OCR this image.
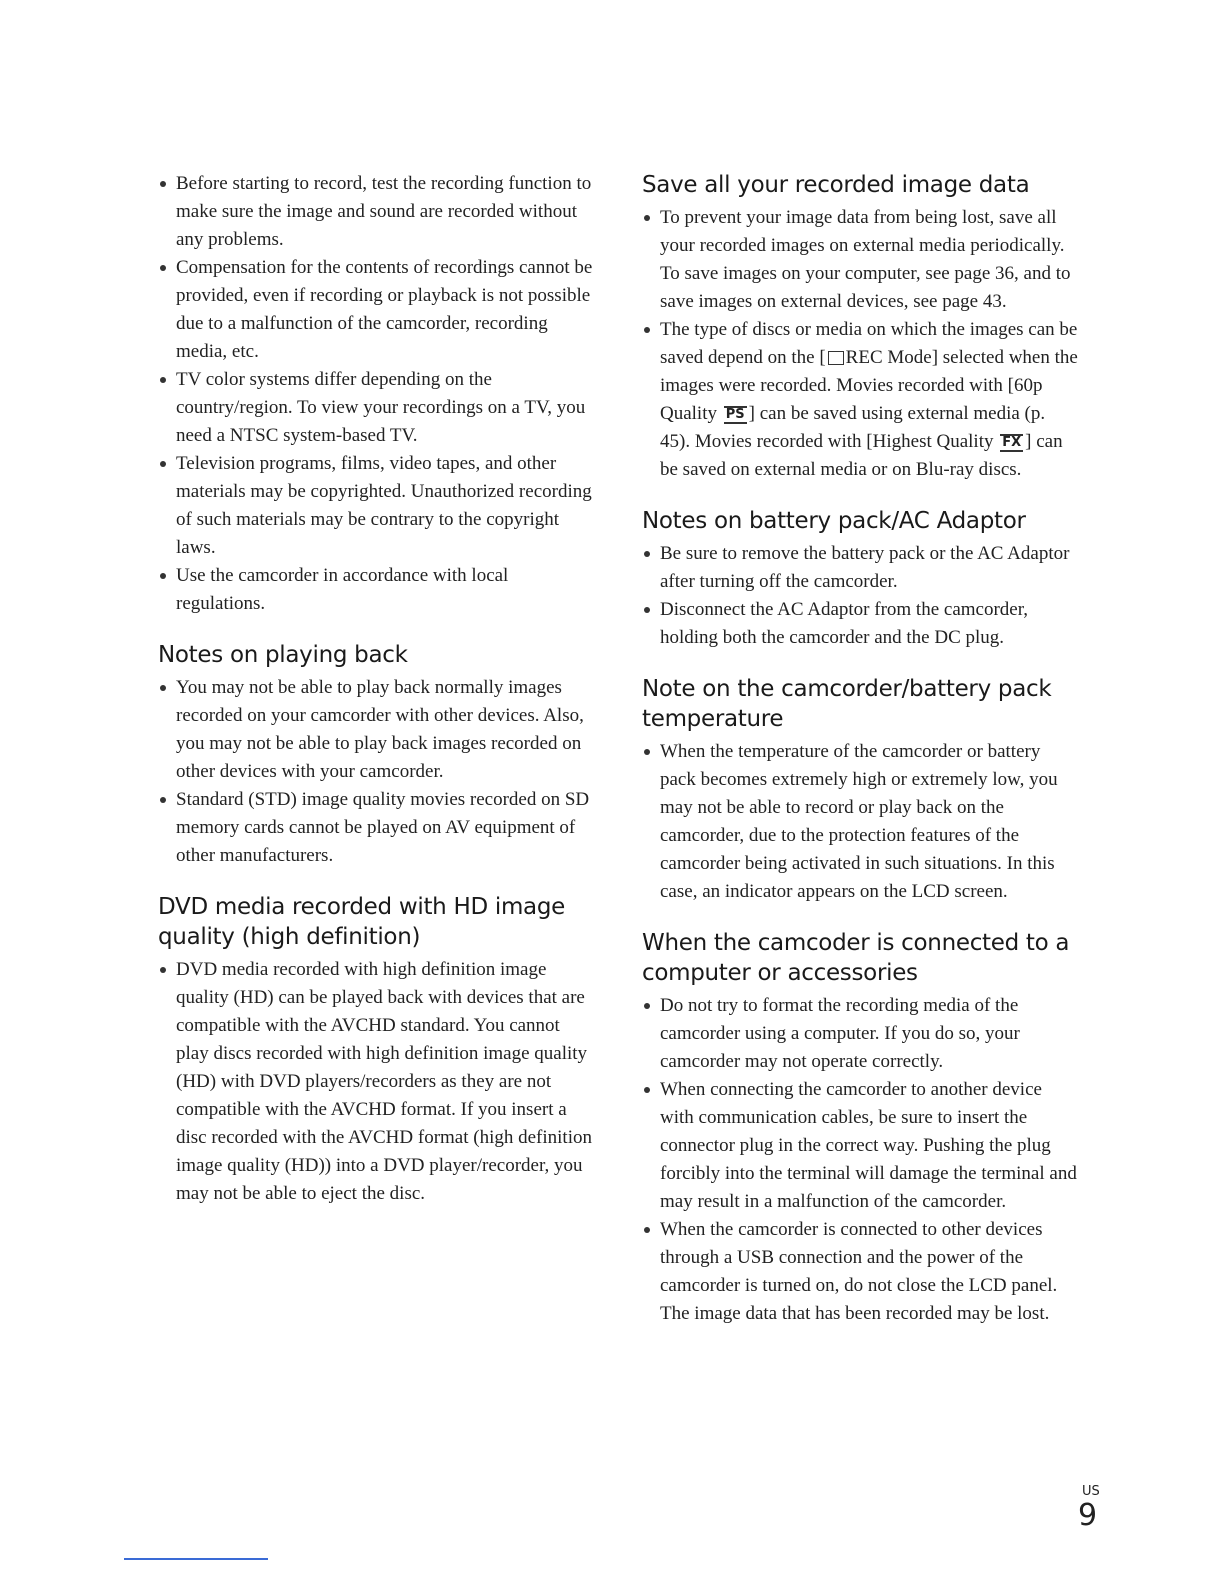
Before starting to record, test the recording function to make sure the image and sound are recorded without any problems.
Compensation for the contents of recordings cannot be provided, even if recording or playback is not possible due to a malfunction of the camcorder, recording media, etc.
TV color systems differ depending on the country/region. To view your recordings on a TV, you need a NTSC system-based TV.
Television programs, films, video tapes, and other materials may be copyrighted. Unauthorized recording of such materials may be contrary to the copyright laws.
Use the camcorder in accordance with local regulations.
Notes on playing back
You may not be able to play back normally images recorded on your camcorder with other devices. Also, you may not be able to play back images recorded on other devices with your camcorder.
Standard (STD) image quality movies recorded on SD memory cards cannot be played on AV equipment of other manufacturers.
DVD media recorded with HD image quality (high definition)
DVD media recorded with high definition image quality (HD) can be played back with devices that are compatible with the AVCHD standard. You cannot play discs recorded with high definition image quality (HD) with DVD players/recorders as they are not compatible with the AVCHD format. If you insert a disc recorded with the AVCHD format (high definition image quality (HD)) into a DVD player/recorder, you may not be able to eject the disc.
Save all your recorded image data
To prevent your image data from being lost, save all your recorded images on external media periodically. To save images on your computer, see page 36, and to save images on external devices, see page 43.
The type of discs or media on which the images can be saved depend on the [ REC Mode] selected when the images were recorded. Movies recorded with [60p Quality PS ] can be saved using external media (p. 45). Movies recorded with [Highest Quality FX ] can be saved on external media or on Blu-ray discs.
Notes on battery pack/AC Adaptor
Be sure to remove the battery pack or the AC Adaptor after turning off the camcorder.
Disconnect the AC Adaptor from the camcorder, holding both the camcorder and the DC plug.
Note on the camcorder/battery pack temperature
When the temperature of the camcorder or battery pack becomes extremely high or extremely low, you may not be able to record or play back on the camcorder, due to the protection features of the camcorder being activated in such situations. In this case, an indicator appears on the LCD screen.
When the camcoder is connected to a computer or accessories
Do not try to format the recording media of the camcorder using a computer. If you do so, your camcorder may not operate correctly.
When connecting the camcorder to another device with communication cables, be sure to insert the connector plug in the correct way. Pushing the plug forcibly into the terminal will damage the terminal and may result in a malfunction of the camcorder.
When the camcorder is connected to other devices through a USB connection and the power of the camcorder is turned on, do not close the LCD panel. The image data that has been recorded may be lost.
US
9
